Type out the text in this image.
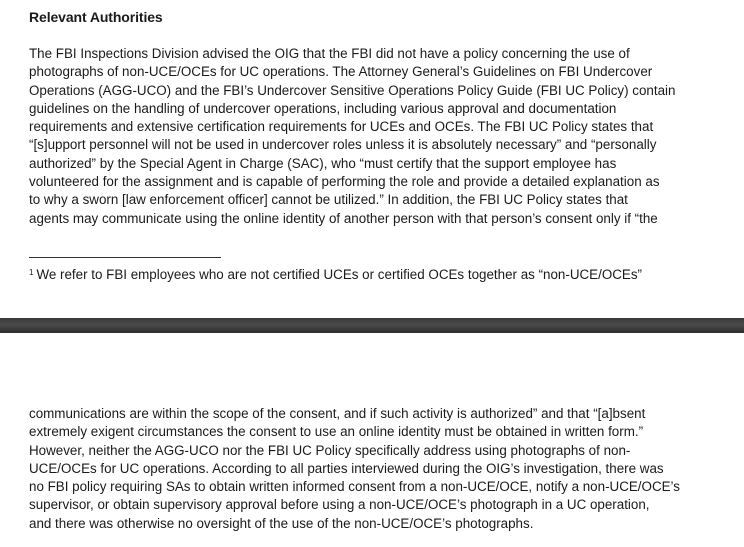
Relevant Authorities
The FBI Inspections Division advised the OIG that the FBI did not have a policy concerning the use of
photographs of non-UCE/OCEs for UC operations. The Attorney General’s Guidelines on FBI Undercover
Operations (AGG-UCO) and the FBI’s Undercover Sensitive Operations Policy Guide (FBI UC Policy) contain
guidelines on the handling of undercover operations, including various approval and documentation
requirements and extensive certification requirements for UCEs and OCEs. The FBI UC Policy states that
“[s]upport personnel will not be used in undercover roles unless it is absolutely necessary” and “personally
authorized” by the Special Agent in Charge (SAC), who “must certify that the support employee has
volunteered for the assignment and is capable of performing the role and provide a detailed explanation as
to why a sworn [law enforcement officer] cannot be utilized.” In addition, the FBI UC Policy states that
agents may communicate using the online identity of another person with that person’s consent only if “the
$^1$ We refer to FBI employees who are not certified UCEs or certified OCEs together as “non-UCE/OCEs”
communications are within the scope of the consent, and if such activity is authorized” and that “[a]bsent
extremely exigent circumstances the consent to use an online identity must be obtained in written form.”
However, neither the AGG-UCO nor the FBI UC Policy specifically address using photographs of non-
UCE/OCEs for UC operations. According to all parties interviewed during the OIG’s investigation, there was
no FBI policy requiring SAs to obtain written informed consent from a non-UCE/OCE, notify a non-UCE/OCE’s
supervisor, or obtain supervisory approval before using a non-UCE/OCE’s photograph in a UC operation,
and there was otherwise no oversight of the use of the non-UCE/OCE’s photographs.
